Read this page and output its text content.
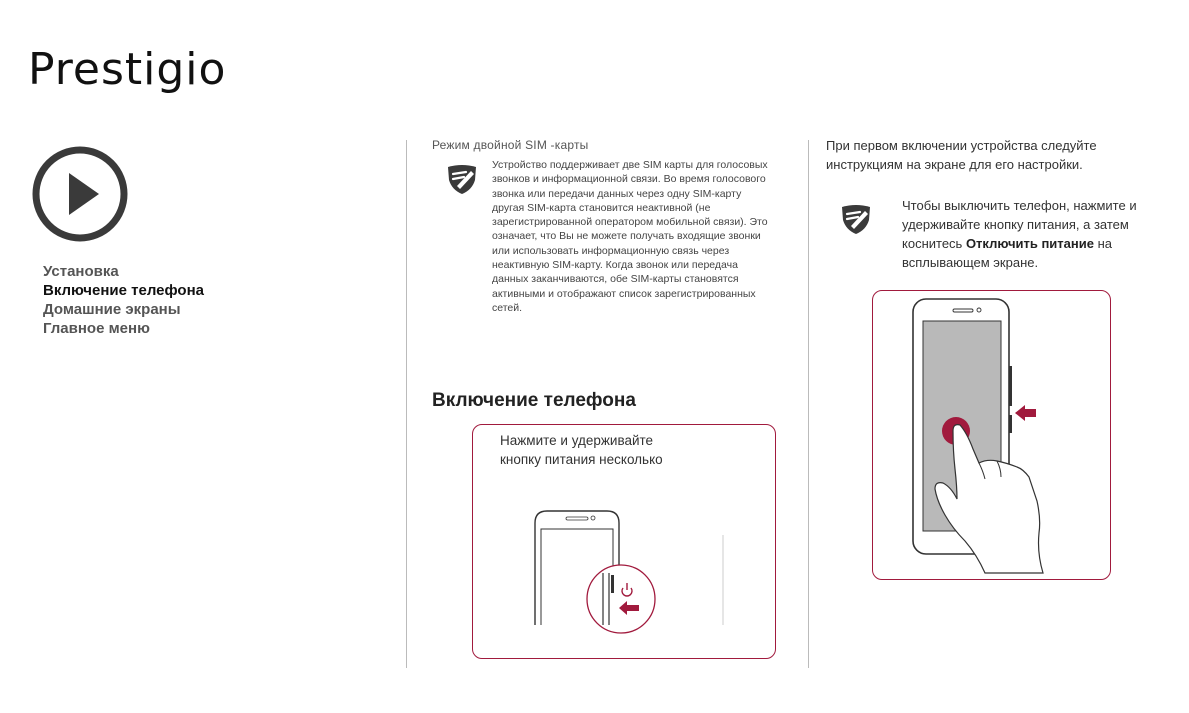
Prestigio
Установка
Включение телефона
Домашние экраны
Главное меню
Режим двойной SIM -карты
Устройство поддерживает две SIM карты для голосовых звонков и информационной связи. Во время голосового звонка или передачи данных через одну SIM-карту другая SIM-карта становится неактивной (не зарегистрированной оператором мобильной связи). Это означает, что Вы не можете получать входящие звонки или использовать информационную связь через неактивную SIM-карту. Когда звонок или передача данных заканчиваются, обе SIM-карты становятся активными и отображают список зарегистрированных сетей.
Включение телефона
Нажмите и удерживайте
кнопку питания несколько

При первом включении устройства следуйте инструкциям на экране для его настройки.

Чтобы выключить телефон, нажмите и удерживайте кнопку питания, а затем коснитесь Отключить питание на всплывающем экране.
